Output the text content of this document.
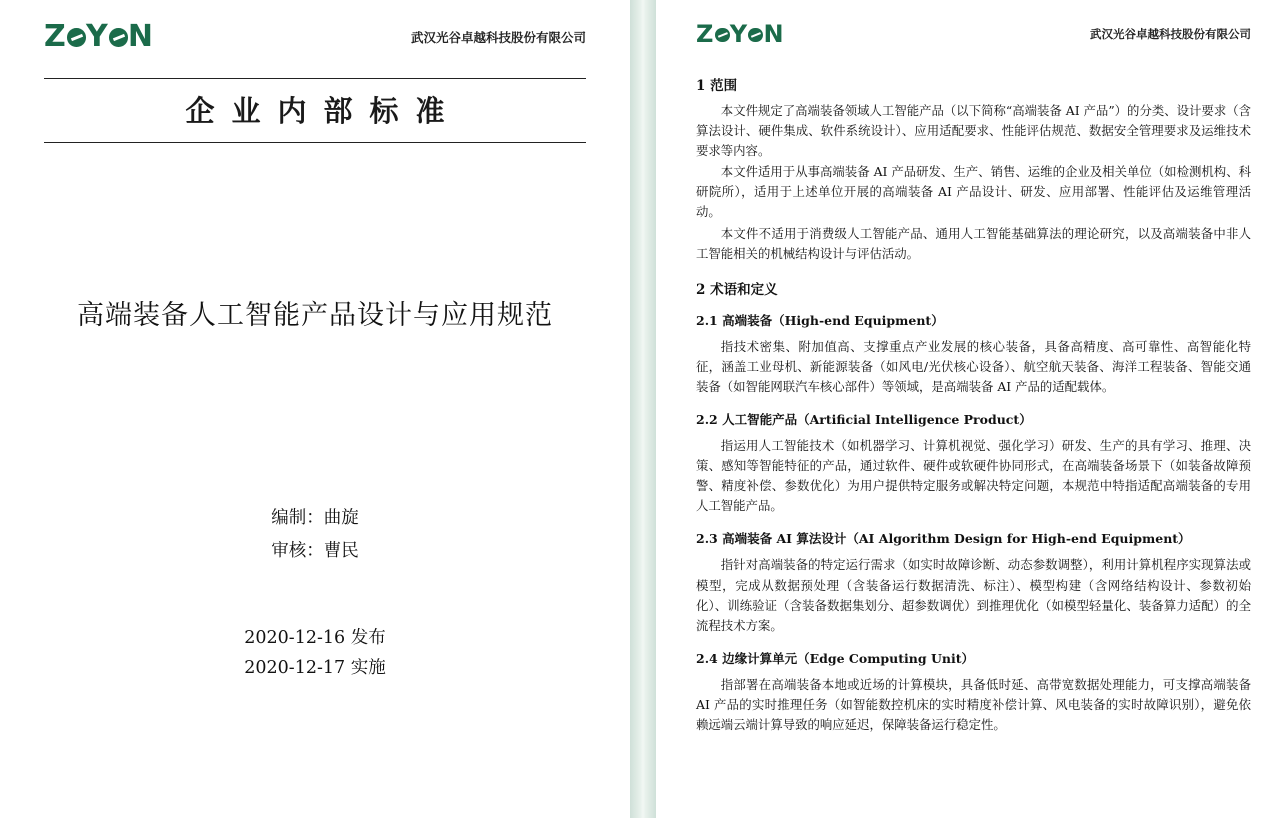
Z Y N	武汉光谷卓越科技股份有限公司
企业内部标准
高端装备人工智能产品设计与应用规范
编制：曲旋
审核：曹民
2020-12-16 发布
2020-12-17 实施
Z Y N	武汉光谷卓越科技股份有限公司
1 范围

本文件规定了高端装备领域人工智能产品（以下简称“高端装备 AI 产品”）的分类、设计要求（含算法设计、硬件集成、软件系统设计）、应用适配要求、性能评估规范、数据安全管理要求及运维技术要求等内容。

本文件适用于从事高端装备 AI 产品研发、生产、销售、运维的企业及相关单位（如检测机构、科研院所），适用于上述单位开展的高端装备 AI 产品设计、研发、应用部署、性能评估及运维管理活动。

本文件不适用于消费级人工智能产品、通用人工智能基础算法的理论研究，以及高端装备中非人工智能相关的机械结构设计与评估活动。

2 术语和定义
2.1 高端装备（High-end Equipment）

指技术密集、附加值高、支撑重点产业发展的核心装备，具备高精度、高可靠性、高智能化特征，涵盖工业母机、新能源装备（如风电/光伏核心设备）、航空航天装备、海洋工程装备、智能交通装备（如智能网联汽车核心部件）等领域，是高端装备 AI 产品的适配载体。

2.2 人工智能产品（Artificial Intelligence Product）

指运用人工智能技术（如机器学习、计算机视觉、强化学习）研发、生产的具有学习、推理、决策、感知等智能特征的产品，通过软件、硬件或软硬件协同形式，在高端装备场景下（如装备故障预警、精度补偿、参数优化）为用户提供特定服务或解决特定问题，本规范中特指适配高端装备的专用人工智能产品。

2.3 高端装备 AI 算法设计（AI Algorithm Design for High-end Equipment）

指针对高端装备的特定运行需求（如实时故障诊断、动态参数调整），利用计算机程序实现算法或模型，完成从数据预处理（含装备运行数据清洗、标注）、模型构建（含网络结构设计、参数初始化）、训练验证（含装备数据集划分、超参数调优）到推理优化（如模型轻量化、装备算力适配）的全流程技术方案。

2.4 边缘计算单元（Edge Computing Unit）

指部署在高端装备本地或近场的计算模块，具备低时延、高带宽数据处理能力，可支撑高端装备 AI 产品的实时推理任务（如智能数控机床的实时精度补偿计算、风电装备的实时故障识别），避免依赖远端云端计算导致的响应延迟，保障装备运行稳定性。
